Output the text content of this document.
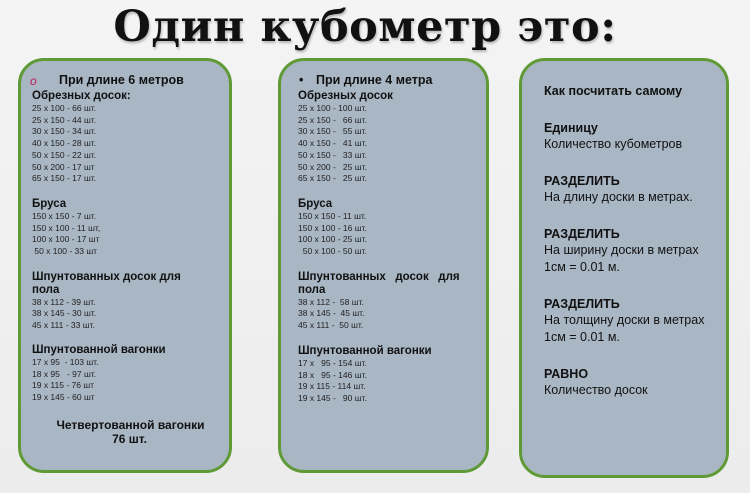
Один кубометр это:
o При длине 6 метров
Обрезных досок:
25 х 100 - 66 шт.
25 х 150 - 44 шт.
30 х 150 - 34 шт.
40 х 150 - 28 шт.
50 х 150 - 22 шт.
50 х 200 - 17 шт
65 х 150 - 17 шт.
Бруса
150 х 150 - 7 шт.
150 х 100 - 11 шт,
100 х 100 - 17 шт
50 х 100 - 33 шт
Шпунтованных досок для пола
38 х 112 - 39 шт.
38 х 145 - 30 шт.
45 х 111 - 33 шт.
Шпунтованной вагонки
17 х 95  - 103 шт.
18 х 95   - 97 шт.
19 х 115 - 76 шт
19 х 145 - 60 шт
Четвертованной вагонки
76 шт.
• При длине 4 метра
Обрезных досок
25 х 100 - 100 шт.
25 х 150 -   66 шт.
30 х 150 -   55 шт.
40 х 150 -   41 шт.
50 х 150 -   33 шт.
50 х 200 -   25 шт.
65 х 150 -   25 шт.
Бруса
150 х 150 - 11 шт.
150 х 100 - 16 шт.
100 х 100 - 25 шт.
50 х 100 - 50 шт.
Шпунтованных   досок   для пола
38 х 112 -  58 шт.
38 х 145 -  45 шт.
45 х 111 -  50 шт.
Шпунтованной вагонки
17 х   95 - 154 шт.
18 х   95 - 146 шт.
19 х 115 - 114 шт.
19 х 145 -   90 шт.
Как посчитать самому
Единицу
Количество кубометров
РАЗДЕЛИТЬ
На длину доски в метрах.
РАЗДЕЛИТЬ
На ширину доски в метрах 1см = 0.01 м.
РАЗДЕЛИТЬ
На толщину доски в метрах 1см = 0.01 м.
РАВНО
Количество досок
